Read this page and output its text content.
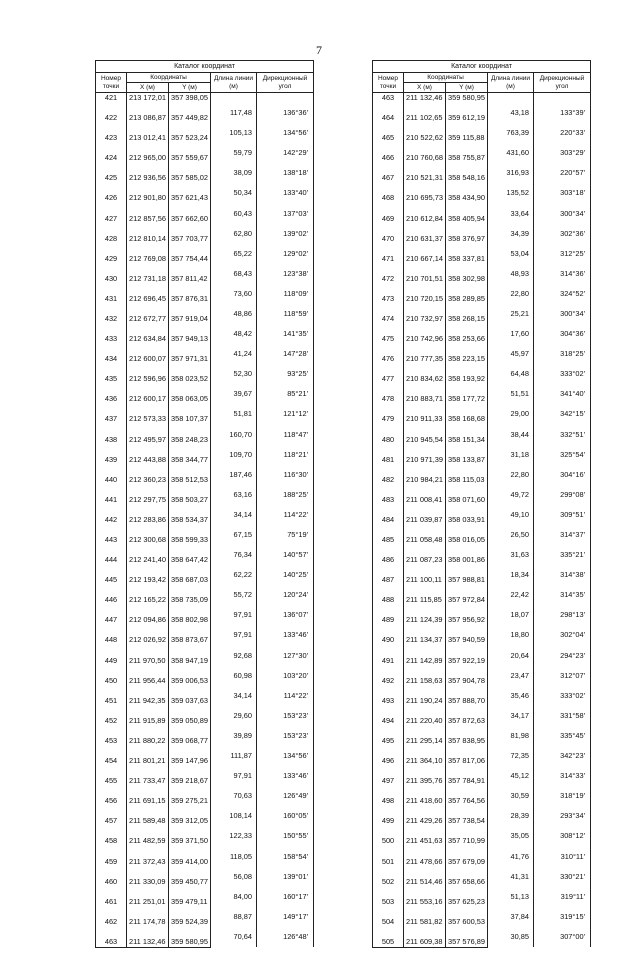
7
Каталог координат				
Номер точки	Координаты		Длина линии (м)	Дирекционный угол
	X (м)	Y (м)		
421	213 172,01	357 398,05		
			117,48	136°36'
422	213 086,87	357 449,82		
			105,13	134°56'
423	213 012,41	357 523,24		
			59,79	142°29'
424	212 965,00	357 559,67		
			38,09	138°18'
425	212 936,56	357 585,02		
			50,34	133°40'
426	212 901,80	357 621,43		
			60,43	137°03'
427	212 857,56	357 662,60		
			62,80	139°02'
428	212 810,14	357 703,77		
			65,22	129°02'
429	212 769,08	357 754,44		
			68,43	123°38'
430	212 731,18	357 811,42		
			73,60	118°09'
431	212 696,45	357 876,31		
			48,86	118°59'
432	212 672,77	357 919,04		
			48,42	141°35'
433	212 634,84	357 949,13		
			41,24	147°28'
434	212 600,07	357 971,31		
			52,30	93°25'
435	212 596,96	358 023,52		
			39,67	85°21'
436	212 600,17	358 063,05		
			51,81	121°12'
437	212 573,33	358 107,37		
			160,70	118°47'
438	212 495,97	358 248,23		
			109,70	118°21'
439	212 443,88	358 344,77		
			187,46	116°30'
440	212 360,23	358 512,53		
			63,16	188°25'
441	212 297,75	358 503,27		
			34,14	114°22'
442	212 283,86	358 534,37		
			67,15	75°19'
443	212 300,68	358 599,33		
			76,34	140°57'
444	212 241,40	358 647,42		
			62,22	140°25'
445	212 193,42	358 687,03		
			55,72	120°24'
446	212 165,22	358 735,09		
			97,91	136°07'
447	212 094,86	358 802,98		
			97,91	133°46'
448	212 026,92	358 873,67		
			92,68	127°30'
449	211 970,50	358 947,19		
			60,98	103°20'
450	211 956,44	359 006,53		
			34,14	114°22'
451	211 942,35	359 037,63		
			29,60	153°23'
452	211 915,89	359 050,89		
			39,89	153°23'
453	211 880,22	359 068,77		
			111,87	134°56'
454	211 801,21	359 147,96		
			97,91	133°46'
455	211 733,47	359 218,67		
			70,63	126°49'
456	211 691,15	359 275,21		
			108,14	160°05'
457	211 589,48	359 312,05		
			122,33	150°55'
458	211 482,59	359 371,50		
			118,05	158°54'
459	211 372,43	359 414,00		
			56,08	139°01'
460	211 330,09	359 450,77		
			84,00	160°17'
461	211 251,01	359 479,11		
			88,87	149°17'
462	211 174,78	359 524,39		
			70,64	126°48'
463	211 132,46	359 580,95		

Каталог координат				
Номер точки	Координаты		Длина линии (м)	Дирекционный угол
	X (м)	Y (м)		
463	211 132,46	359 580,95		
			43,18	133°39'
464	211 102,65	359 612,19		
			763,39	220°33'
465	210 522,62	359 115,88		
			431,60	303°29'
466	210 760,68	358 755,87		
			316,93	220°57'
467	210 521,31	358 548,16		
			135,52	303°18'
468	210 695,73	358 434,90		
			33,64	300°34'
469	210 612,84	358 405,94		
			34,39	302°36'
470	210 631,37	358 376,97		
			53,04	312°25'
471	210 667,14	358 337,81		
			48,93	314°36'
472	210 701,51	358 302,98		
			22,80	324°52'
473	210 720,15	358 289,85		
			25,21	300°34'
474	210 732,97	358 268,15		
			17,60	304°36'
475	210 742,96	358 253,66		
			45,97	318°25'
476	210 777,35	358 223,15		
			64,48	333°02'
477	210 834,62	358 193,92		
			51,51	341°40'
478	210 883,71	358 177,72		
			29,00	342°15'
479	210 911,33	358 168,68		
			38,44	332°51'
480	210 945,54	358 151,34		
			31,18	325°54'
481	210 971,39	358 133,87		
			22,80	304°16'
482	210 984,21	358 115,03		
			49,72	299°08'
483	211 008,41	358 071,60		
			49,10	309°51'
484	211 039,87	358 033,91		
			26,50	314°37'
485	211 058,48	358 016,05		
			31,63	335°21'
486	211 087,23	358 001,86		
			18,34	314°38'
487	211 100,11	357 988,81		
			22,42	314°35'
488	211 115,85	357 972,84		
			18,07	298°13'
489	211 124,39	357 956,92		
			18,80	302°04'
490	211 134,37	357 940,59		
			20,64	294°23'
491	211 142,89	357 922,19		
			23,47	312°07'
492	211 158,63	357 904,78		
			35,46	333°02'
493	211 190,24	357 888,70		
			34,17	331°58'
494	211 220,40	357 872,63		
			81,98	335°45'
495	211 295,14	357 838,95		
			72,35	342°23'
496	211 364,10	357 817,06		
			45,12	314°33'
497	211 395,76	357 784,91		
			30,59	318°19'
498	211 418,60	357 764,56		
			28,39	293°34'
499	211 429,26	357 738,54		
			35,05	308°12'
500	211 451,63	357 710,99		
			41,76	310°11'
501	211 478,66	357 679,09		
			41,31	330°21'
502	211 514,46	357 658,66		
			51,13	319°11'
503	211 553,16	357 625,23		
			37,84	319°15'
504	211 581,82	357 600,53		
			30,85	307°00'
505	211 609,38	357 576,89		
